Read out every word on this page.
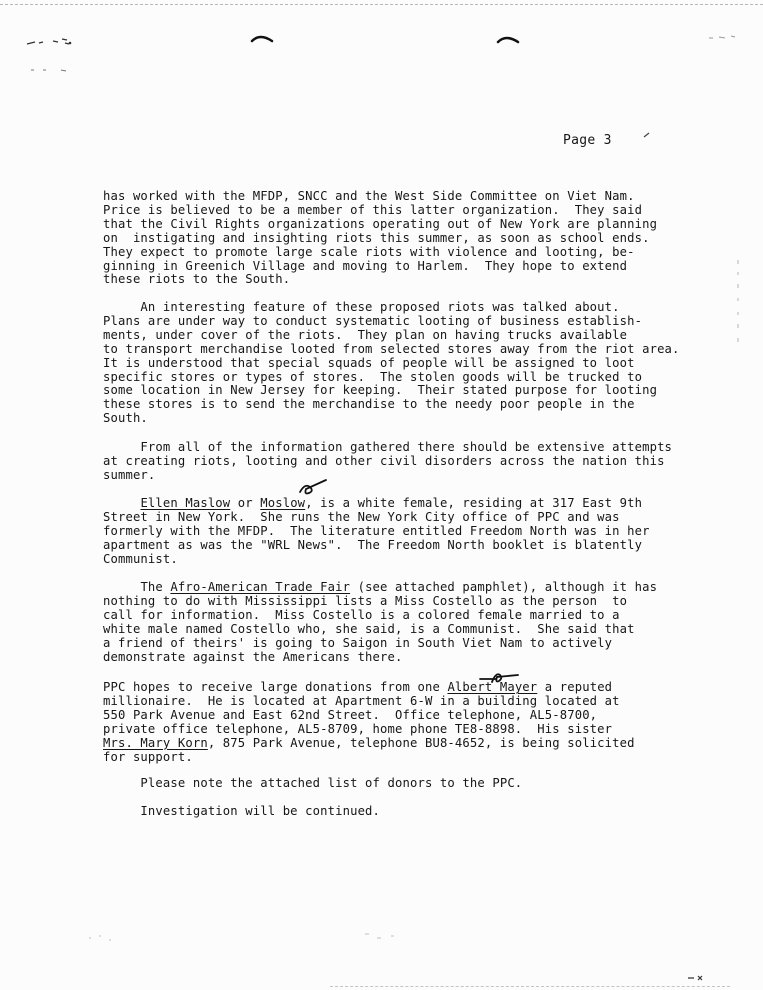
Page 3
has worked with the MFDP, SNCC and the West Side Committee on Viet Nam.
Price is believed to be a member of this latter organization.  They said
that the Civil Rights organizations operating out of New York are planning
on  instigating and insighting riots this summer, as soon as school ends.
They expect to promote large scale riots with violence and looting, be-
ginning in Greenich Village and moving to Harlem.  They hope to extend
these riots to the South.
An interesting feature of these proposed riots was talked about.
Plans are under way to conduct systematic looting of business establish-
ments, under cover of the riots.  They plan on having trucks available
to transport merchandise looted from selected stores away from the riot area.
It is understood that special squads of people will be assigned to loot
specific stores or types of stores.  The stolen goods will be trucked to
some location in New Jersey for keeping.  Their stated purpose for looting
these stores is to send the merchandise to the needy poor people in the
South.
From all of the information gathered there should be extensive attempts
at creating riots, looting and other civil disorders across the nation this
summer.
Ellen Maslow or Moslow, is a white female, residing at 317 East 9th
Street in New York.  She runs the New York City office of PPC and was
formerly with the MFDP.  The literature entitled Freedom North was in her
apartment as was the "WRL News".  The Freedom North booklet is blatently
Communist.
The Afro-American Trade Fair (see attached pamphlet), although it has
nothing to do with Mississippi lists a Miss Costello as the person  to
call for information.  Miss Costello is a colored female married to a
white male named Costello who, she said, is a Communist.  She said that
a friend of theirs' is going to Saigon in South Viet Nam to actively
demonstrate against the Americans there.
PPC hopes to receive large donations from one Albert Mayer a reputed
millionaire.  He is located at Apartment 6-W in a building located at
550 Park Avenue and East 62nd Street.  Office telephone, AL5-8700,
private office telephone, AL5-8709, home phone TE8-8898.  His sister
Mrs. Mary Korn, 875 Park Avenue, telephone BU8-4652, is being solicited
for support.
Please note the attached list of donors to the PPC.
Investigation will be continued.
